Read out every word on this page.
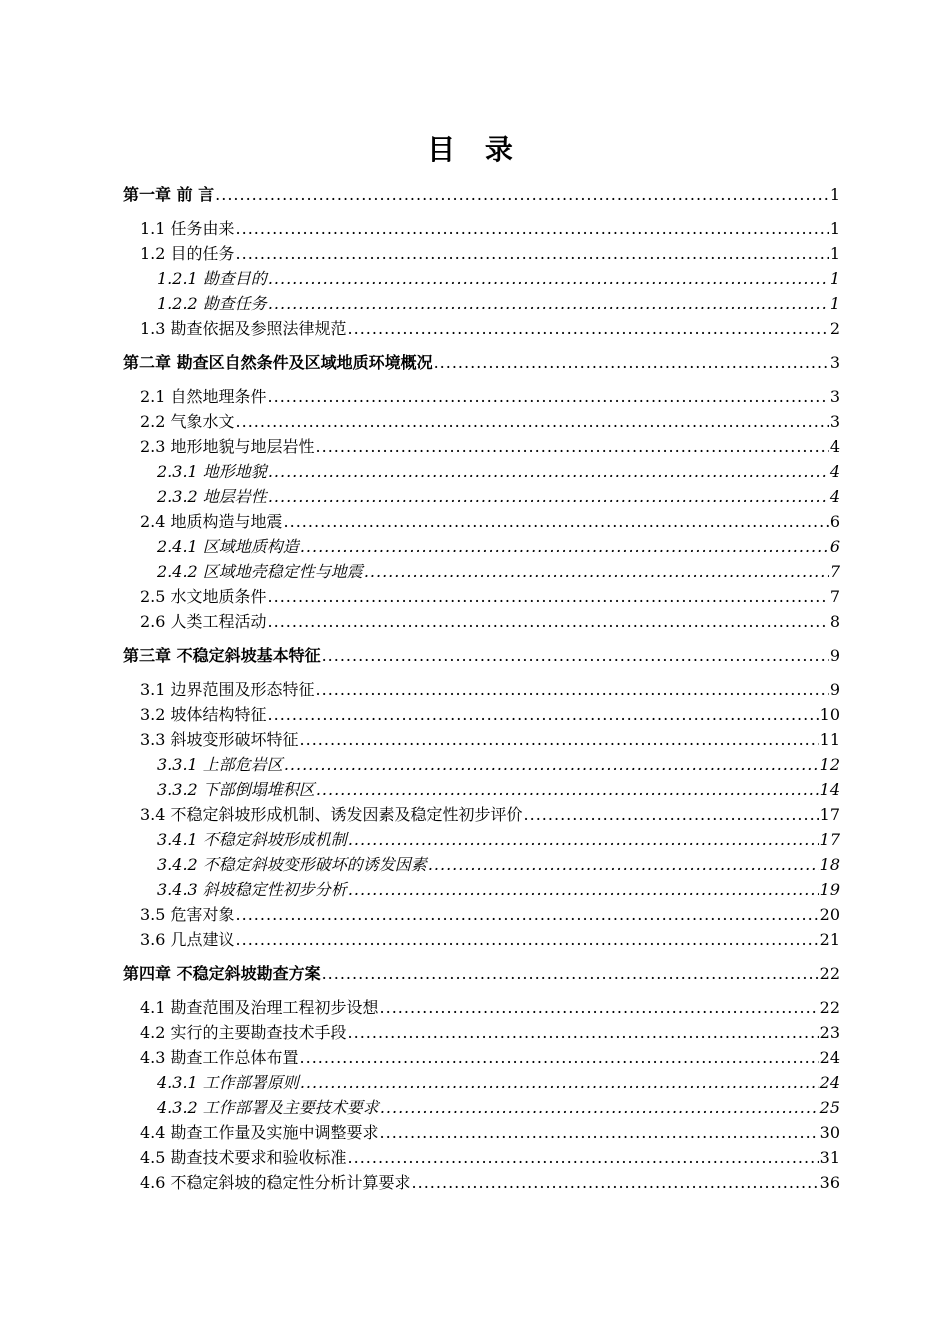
目 录
第一章 前 言 .....	1
1.1 任务由来 .....	1
1.2 目的任务 .....	1
1.2.1 勘查目的 .....	1
1.2.2 勘查任务 .....	1
1.3 勘查依据及参照法律规范 .....	2
第二章 勘查区自然条件及区域地质环境概况 .....	3
2.1 自然地理条件 .....	3
2.2 气象水文 .....	3
2.3 地形地貌与地层岩性 .....	4
2.3.1 地形地貌 .....	4
2.3.2 地层岩性 .....	4
2.4 地质构造与地震 .....	6
2.4.1 区域地质构造 .....	6
2.4.2 区域地壳稳定性与地震 .....	7
2.5 水文地质条件 .....	7
2.6 人类工程活动 .....	8
第三章 不稳定斜坡基本特征 .....	9
3.1 边界范围及形态特征 .....	9
3.2 坡体结构特征 .....	10
3.3 斜坡变形破坏特征 .....	11
3.3.1 上部危岩区 .....	12
3.3.2 下部倒塌堆积区 .....	14
3.4 不稳定斜坡形成机制、诱发因素及稳定性初步评价 .....	17
3.4.1 不稳定斜坡形成机制 .....	17
3.4.2 不稳定斜坡变形破坏的诱发因素 .....	18
3.4.3 斜坡稳定性初步分析 .....	19
3.5 危害对象 .....	20
3.6 几点建议 .....	21
第四章 不稳定斜坡勘查方案 .....	22
4.1 勘查范围及治理工程初步设想 .....	22
4.2 实行的主要勘查技术手段 .....	23
4.3 勘查工作总体布置 .....	24
4.3.1 工作部署原则 .....	24
4.3.2 工作部署及主要技术要求 .....	25
4.4 勘查工作量及实施中调整要求 .....	30
4.5 勘查技术要求和验收标准 .....	31
4.6 不稳定斜坡的稳定性分析计算要求 .....	36
